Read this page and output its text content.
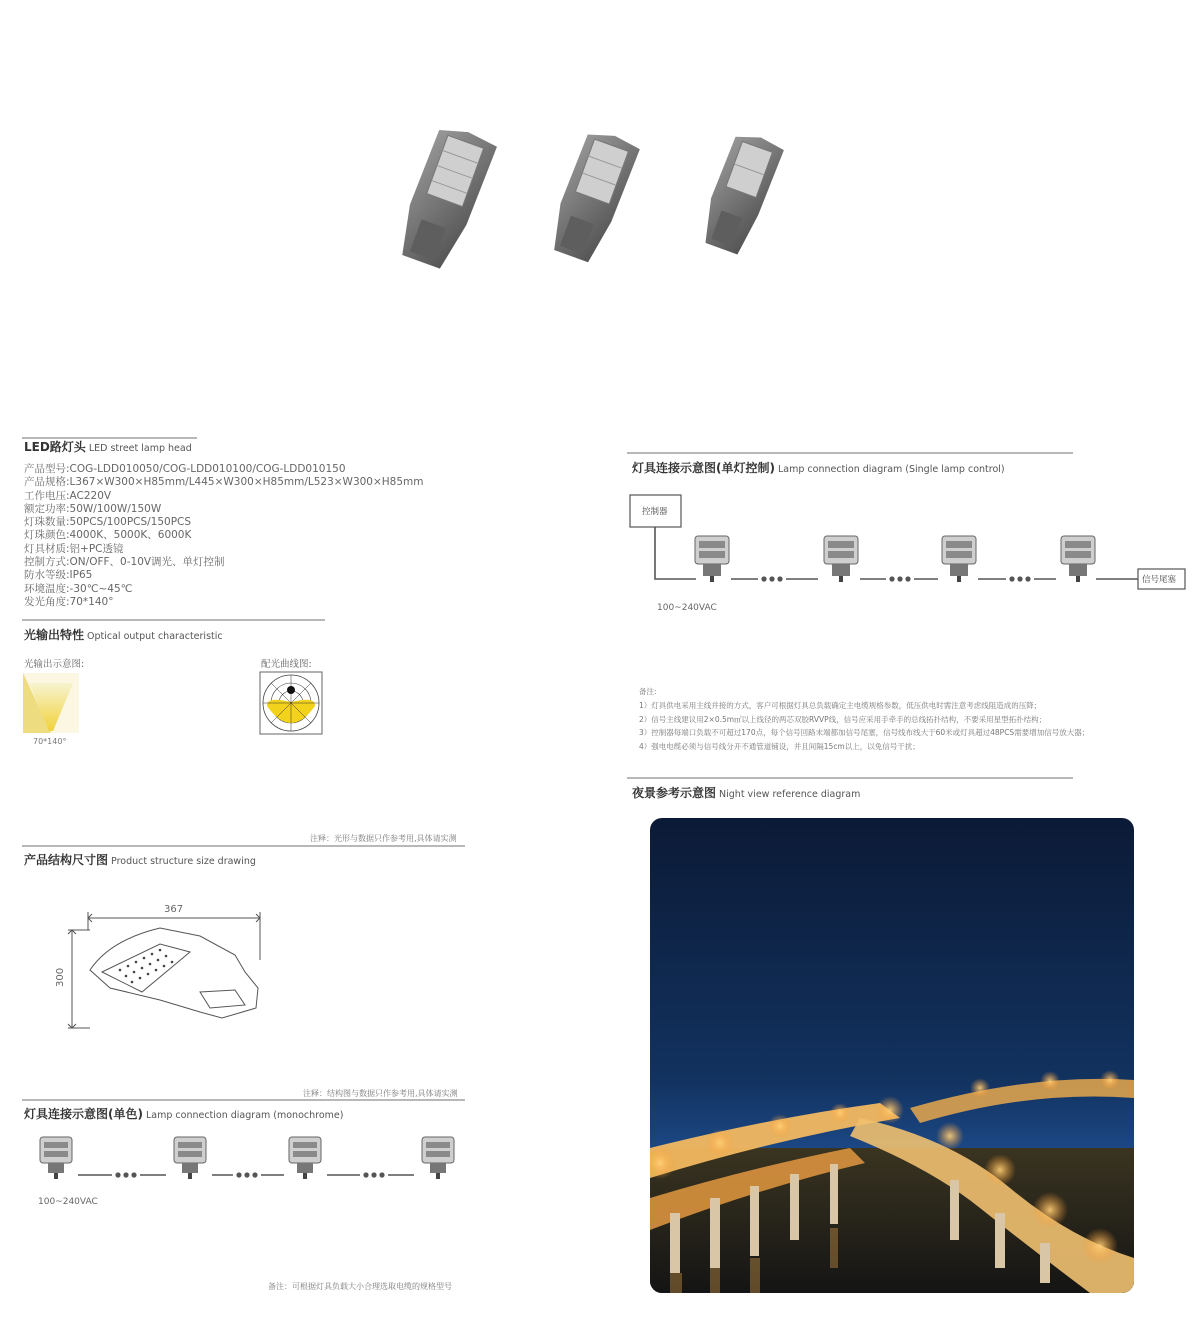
LED路灯头 LED street lamp head
产品型号:COG-LDD010050/COG-LDD010100/COG-LDD010150
产品规格:L367×W300×H85mm/L445×W300×H85mm/L523×W300×H85mm
工作电压:AC220V
额定功率:50W/100W/150W
灯珠数量:50PCS/100PCS/150PCS
灯珠颜色:4000K、5000K、6000K
灯具材质:铝+PC透镜
控制方式:ON/OFF、0-10V调光、单灯控制
防水等级:IP65
环境温度:-30℃~45℃
发光角度:70*140°
光输出特性 Optical output characteristic
光输出示意图:	配光曲线图:
70*140°
注释：光形与数据只作参考用,具体请实测
产品结构尺寸图 Product structure size drawing
367
300
注释：结构图与数据只作参考用,具体请实测
灯具连接示意图(单色) Lamp connection diagram (monochrome)
100~240VAC
备注：可根据灯具负载大小合理选取电缆的规格型号
灯具连接示意图(单灯控制) Lamp connection diagram (Single lamp control)
控制器
信号尾塞
100~240VAC
备注:
1）灯具供电采用主线并接的方式，客户可根据灯具总负载确定主电缆规格参数，低压供电时需注意考虑线阻造成的压降；
2）信号主线建议用2×0.5m㎡以上线径的两芯双胶RVVP线，信号应采用手牵手的总线拓扑结构，不要采用星型拓扑结构；
3）控制器每端口负载不可超过170点，每个信号回路末端都加信号尾塞，信号线布线大于60米或灯具超过48PCS需要增加信号放大器；
4）强电电缆必须与信号线分开不通管道铺设，并且间隔15cm以上，以免信号干扰；
夜景参考示意图 Night view reference diagram
